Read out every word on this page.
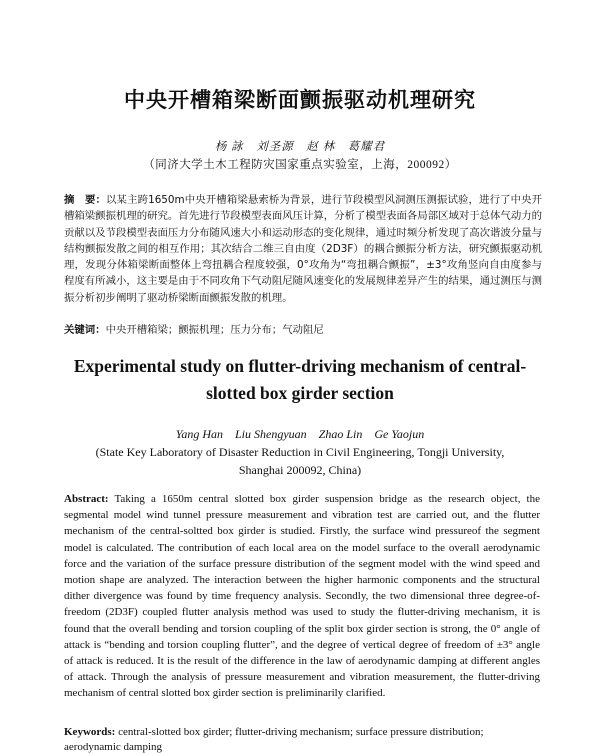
中央开槽箱梁断面颤振驱动机理研究
杨 詠　刘圣源　赵 林　葛耀君
（同济大学土木工程防灾国家重点实验室，上海，200092）
摘　要：以某主跨1650m中央开槽箱梁悬索桥为背景，进行节段模型风洞测压测振试验，进行了中央开槽箱梁颤振机理的研究。首先进行节段模型表面风压计算，分析了模型表面各局部区域对于总体气动力的贡献以及节段模型表面压力分布随风速大小和运动形态的变化规律，通过时频分析发现了高次谐波分量与结构颤振发散之间的相互作用；其次结合二维三自由度（2D3F）的耦合颤振分析方法，研究颤振驱动机理，发现分体箱梁断面整体上弯扭耦合程度较强，0°攻角为“弯扭耦合颤振”，±3°攻角竖向自由度参与程度有所减小，这主要是由于不同攻角下气动阻尼随风速变化的发展规律差异产生的结果，通过测压与测振分析初步阐明了驱动桥梁断面颤振发散的机理。
关键词：中央开槽箱梁；颤振机理；压力分布；气动阻尼
Experimental study on flutter-driving mechanism of central-
slotted box girder section
Yang Han　Liu Shengyuan　Zhao Lin　Ge Yaojun
(State Key Laboratory of Disaster Reduction in Civil Engineering, Tongji University,
Shanghai 200092, China)
Abstract: Taking a 1650m central slotted box girder suspension bridge as the research object, the segmental model wind tunnel pressure measurement and vibration test are carried out, and the flutter mechanism of the central-soltted box girder is studied. Firstly, the surface wind pressureof the segment model is calculated. The contribution of each local area on the model surface to the overall aerodynamic force and the variation of the surface pressure distribution of the segment model with the wind speed and motion shape are analyzed. The interaction between the higher harmonic components and the structural dither divergence was found by time frequency analysis. Secondly, the two dimensional three degree-of-freedom (2D3F) coupled flutter analysis method was used to study the flutter-driving mechanism, it is found that the overall bending and torsion coupling of the split box girder section is strong, the 0° angle of attack is “bending and torsion coupling flutter”, and the degree of vertical degree of freedom of ±3° angle of attack is reduced. It is the result of the difference in the law of aerodynamic damping at different angles of attack. Through the analysis of pressure measurement and vibration measurement, the flutter-driving mechanism of central slotted box girder section is preliminarily clarified.
Keywords: central-slotted box girder; flutter-driving mechanism; surface pressure distribution; aerodynamic damping
